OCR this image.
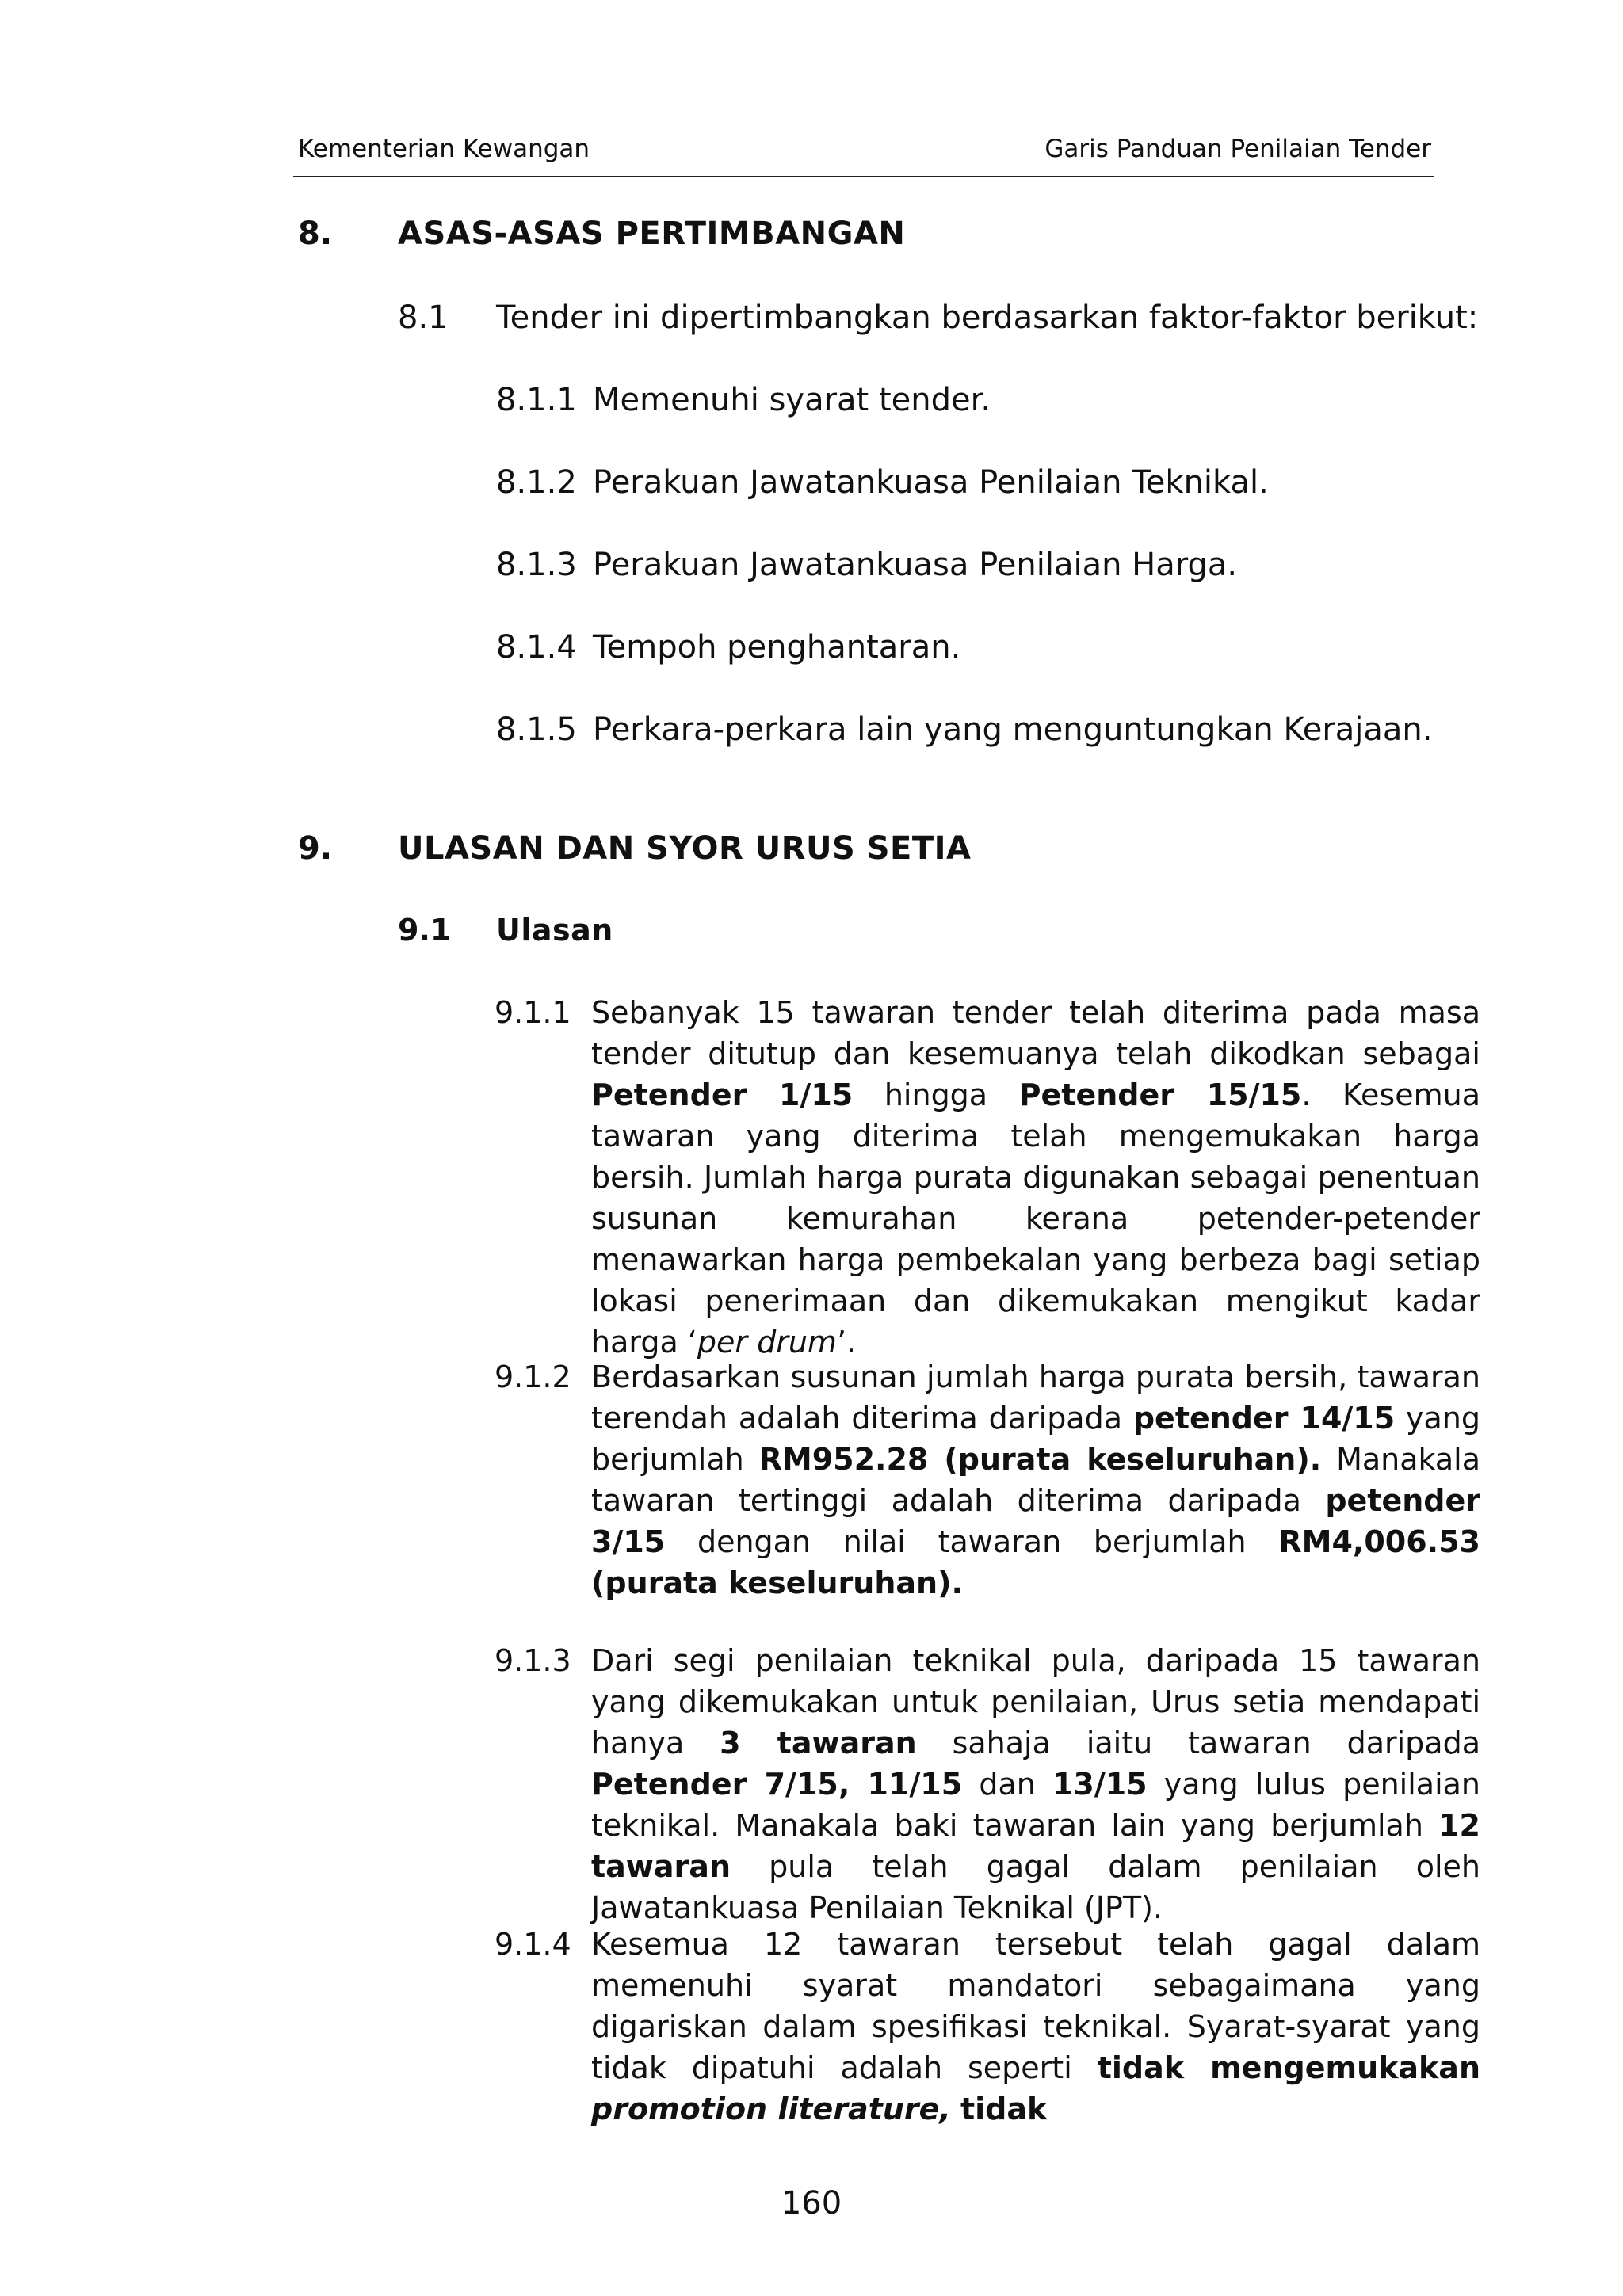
Kementerian Kewangan	Garis Panduan Penilaian Tender
8. ASAS-ASAS PERTIMBANGAN
8.1 Tender ini dipertimbangkan berdasarkan faktor-faktor berikut:
8.1.1 Memenuhi syarat tender.
8.1.2 Perakuan Jawatankuasa Penilaian Teknikal.
8.1.3 Perakuan Jawatankuasa Penilaian Harga.
8.1.4 Tempoh penghantaran.
8.1.5 Perkara-perkara lain yang menguntungkan Kerajaan.
9. ULASAN DAN SYOR URUS SETIA
9.1 Ulasan
9.1.1 Sebanyak 15 tawaran tender telah diterima pada masa tender ditutup dan kesemuanya telah dikodkan sebagai Petender 1/15 hingga Petender 15/15. Kesemua tawaran yang diterima telah mengemukakan harga bersih. Jumlah harga purata digunakan sebagai penentuan susunan kemurahan kerana petender-petender menawarkan harga pembekalan yang berbeza bagi setiap lokasi penerimaan dan dikemukakan mengikut kadar harga ‘per drum’.
9.1.2 Berdasarkan susunan jumlah harga purata bersih, tawaran terendah adalah diterima daripada petender 14/15 yang berjumlah RM952.28 (purata keseluruhan). Manakala tawaran tertinggi adalah diterima daripada petender 3/15 dengan nilai tawaran berjumlah RM4,006.53 (purata keseluruhan).
9.1.3 Dari segi penilaian teknikal pula, daripada 15 tawaran yang dikemukakan untuk penilaian, Urus setia mendapati hanya 3 tawaran sahaja iaitu tawaran daripada Petender 7/15, 11/15 dan 13/15 yang lulus penilaian teknikal. Manakala baki tawaran lain yang berjumlah 12 tawaran pula telah gagal dalam penilaian oleh Jawatankuasa Penilaian Teknikal (JPT).
9.1.4 Kesemua 12 tawaran tersebut telah gagal dalam memenuhi syarat mandatori sebagaimana yang digariskan dalam spesifikasi teknikal. Syarat-syarat yang tidak dipatuhi adalah seperti tidak mengemukakan promotion literature, tidak
160
